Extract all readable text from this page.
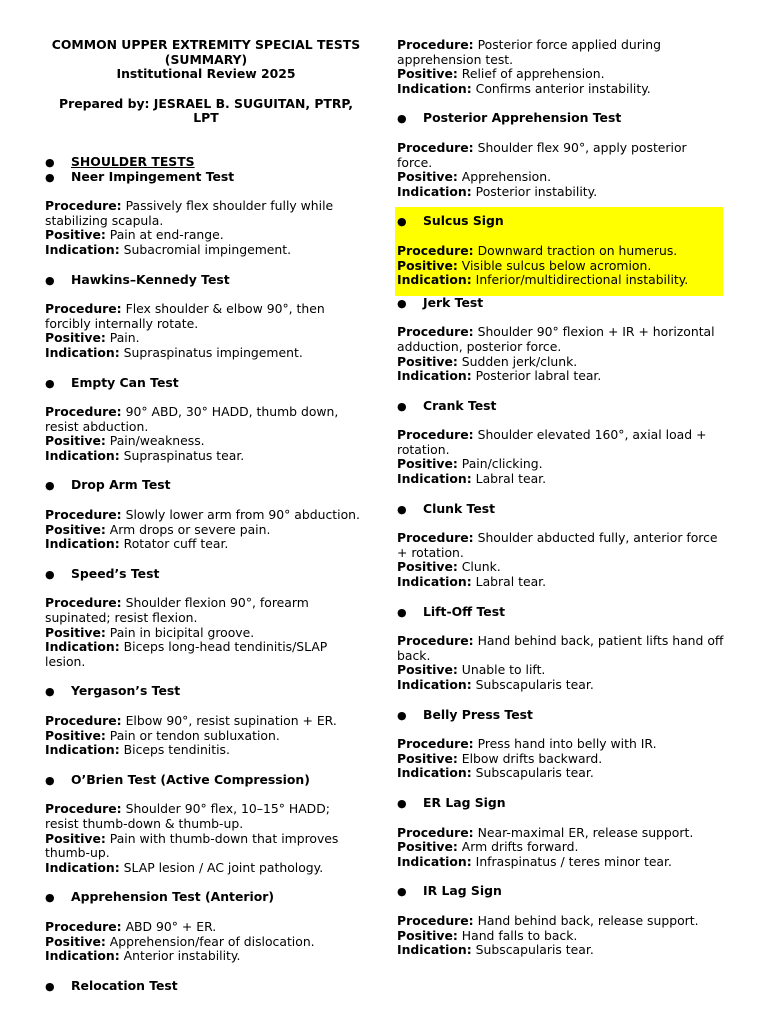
COMMON UPPER EXTREMITY SPECIAL TESTS
(SUMMARY)
Institutional Review 2025
Prepared by: JESRAEL B. SUGUITAN, PTRP,
LPT
●	SHOULDER TESTS
●	Neer Impingement Test
Procedure: Passively flex shoulder fully while stabilizing scapula.
Positive: Pain at end-range.
Indication: Subacromial impingement.
●	Hawkins–Kennedy Test
Procedure: Flex shoulder & elbow 90°, then forcibly internally rotate.
Positive: Pain.
Indication: Supraspinatus impingement.
●	Empty Can Test
Procedure: 90° ABD, 30° HADD, thumb down, resist abduction.
Positive: Pain/weakness.
Indication: Supraspinatus tear.
●	Drop Arm Test
Procedure: Slowly lower arm from 90° abduction.
Positive: Arm drops or severe pain.
Indication: Rotator cuff tear.
●	Speed’s Test
Procedure: Shoulder flexion 90°, forearm supinated; resist flexion.
Positive: Pain in bicipital groove.
Indication: Biceps long-head tendinitis/SLAP lesion.
●	Yergason’s Test
Procedure: Elbow 90°, resist supination + ER.
Positive: Pain or tendon subluxation.
Indication: Biceps tendinitis.
●	O’Brien Test (Active Compression)
Procedure: Shoulder 90° flex, 10–15° HADD; resist thumb-down & thumb-up.
Positive: Pain with thumb-down that improves thumb-up.
Indication: SLAP lesion / AC joint pathology.
●	Apprehension Test (Anterior)
Procedure: ABD 90° + ER.
Positive: Apprehension/fear of dislocation.
Indication: Anterior instability.
●	Relocation Test
Procedure: Posterior force applied during apprehension test.
Positive: Relief of apprehension.
Indication: Confirms anterior instability.
●	Posterior Apprehension Test
Procedure: Shoulder flex 90°, apply posterior force.
Positive: Apprehension.
Indication: Posterior instability.
●	Sulcus Sign
Procedure: Downward traction on humerus.
Positive: Visible sulcus below acromion.
Indication: Inferior/multidirectional instability.
●	Jerk Test
Procedure: Shoulder 90° flexion + IR + horizontal adduction, posterior force.
Positive: Sudden jerk/clunk.
Indication: Posterior labral tear.
●	Crank Test
Procedure: Shoulder elevated 160°, axial load + rotation.
Positive: Pain/clicking.
Indication: Labral tear.
●	Clunk Test
Procedure: Shoulder abducted fully, anterior force + rotation.
Positive: Clunk.
Indication: Labral tear.
●	Lift-Off Test
Procedure: Hand behind back, patient lifts hand off back.
Positive: Unable to lift.
Indication: Subscapularis tear.
●	Belly Press Test
Procedure: Press hand into belly with IR.
Positive: Elbow drifts backward.
Indication: Subscapularis tear.
●	ER Lag Sign
Procedure: Near-maximal ER, release support.
Positive: Arm drifts forward.
Indication: Infraspinatus / teres minor tear.
●	IR Lag Sign
Procedure: Hand behind back, release support.
Positive: Hand falls to back.
Indication: Subscapularis tear.
